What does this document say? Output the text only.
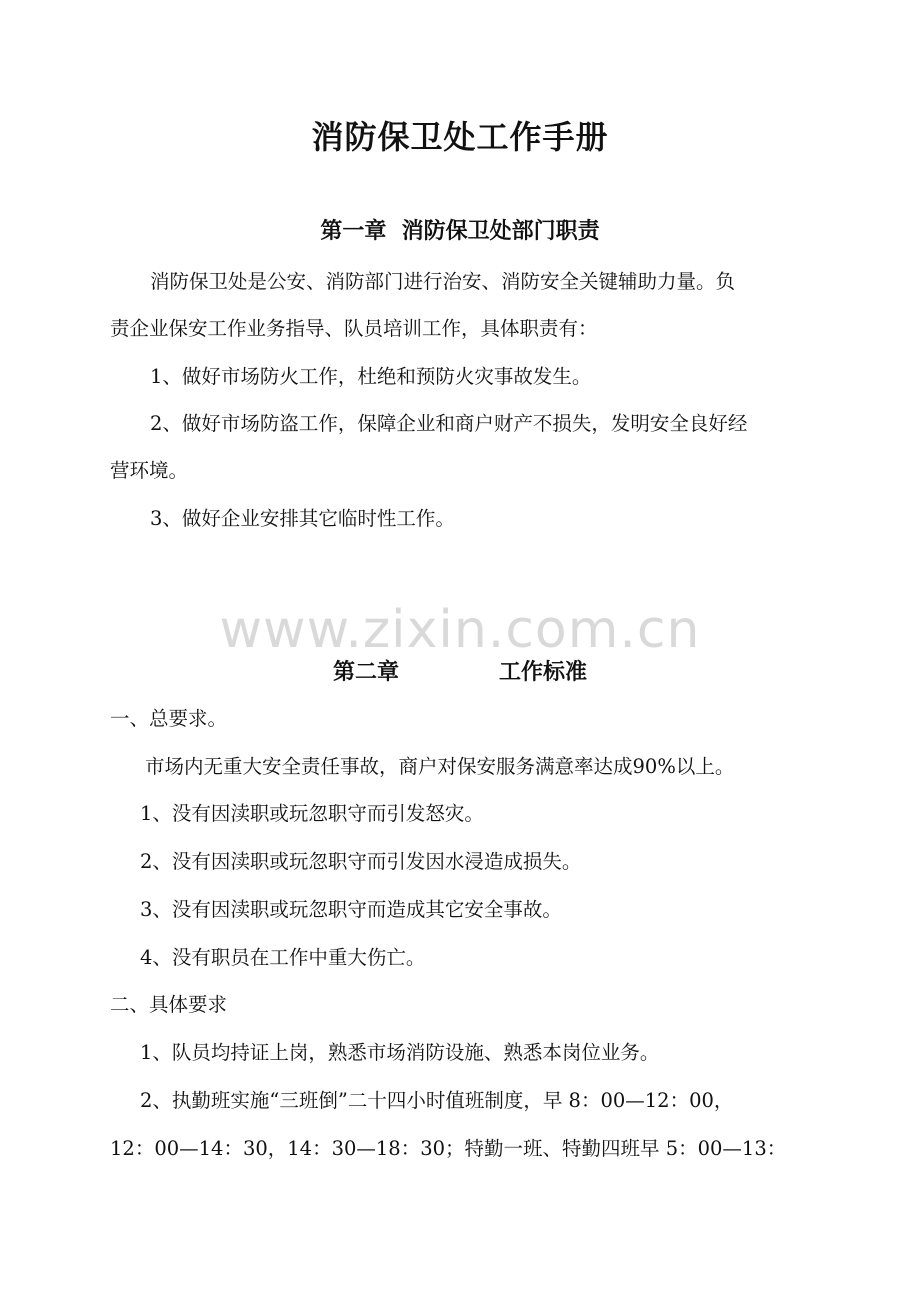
消防保卫处工作手册
第一章  消防保卫处部门职责
消防保卫处是公安、消防部门进行治安、消防安全关键辅助力量。负
责企业保安工作业务指导、队员培训工作，具体职责有：
1、做好市场防火工作，杜绝和预防火灾事故发生。
2、做好市场防盗工作，保障企业和商户财产不损失，发明安全良好经
营环境。
3、做好企业安排其它临时性工作。
www.zixin.com.cn
第二章	工作标准
一、总要求。
市场内无重大安全责任事故，商户对保安服务满意率达成90%以上。
1、没有因渎职或玩忽职守而引发怒灾。
2、没有因渎职或玩忽职守而引发因水浸造成损失。
3、没有因渎职或玩忽职守而造成其它安全事故。
4、没有职员在工作中重大伤亡。
二、具体要求
1、队员均持证上岗，熟悉市场消防设施、熟悉本岗位业务。
2、执勤班实施“三班倒”二十四小时值班制度，早 8：00—12：00，
12：00—14：30，14：30—18：30；特勤一班、特勤四班早 5：00—13：
